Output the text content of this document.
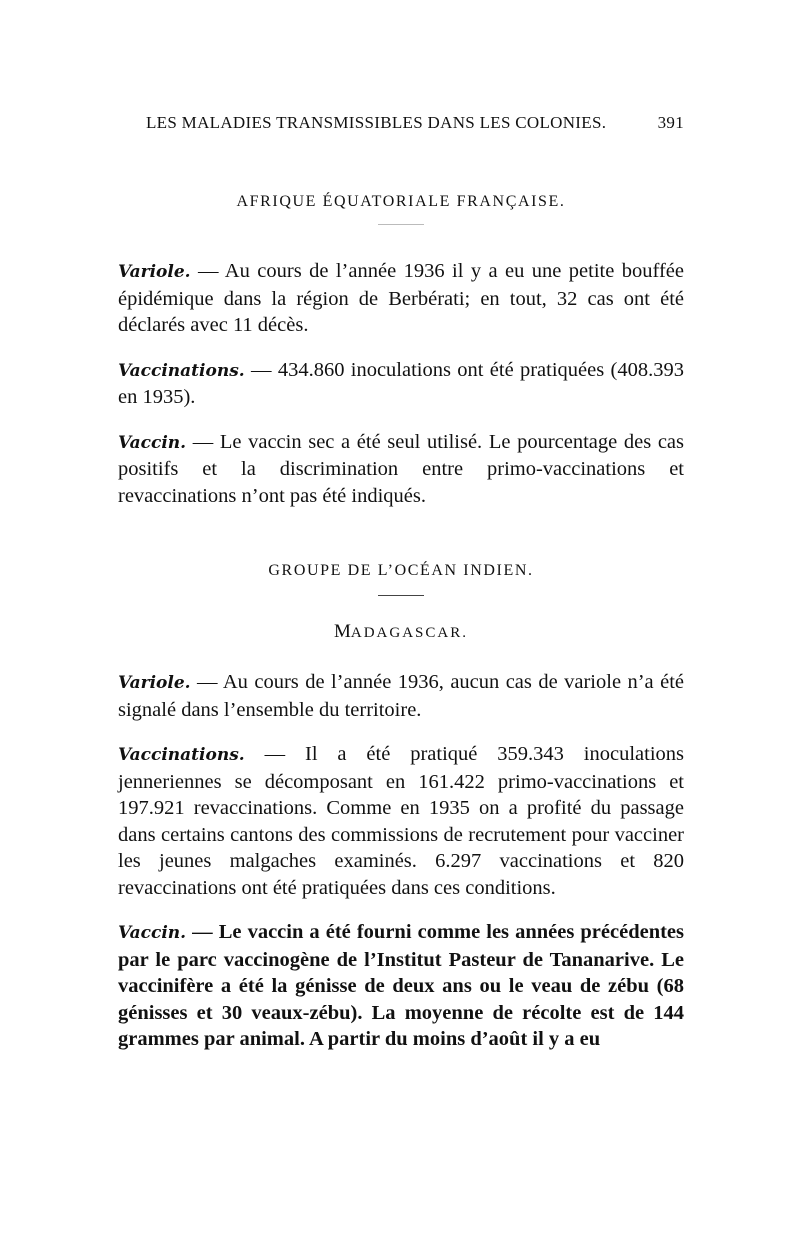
LES MALADIES TRANSMISSIBLES DANS LES COLONIES.	391
AFRIQUE ÉQUATORIALE FRANÇAISE.

Variole. — Au cours de l’année 1936 il y a eu une petite bouffée épidémique dans la région de Berbérati; en tout, 32 cas ont été déclarés avec 11 décès.

Vaccinations. — 434.860 inoculations ont été pratiquées (408.393 en 1935).

Vaccin. — Le vaccin sec a été seul utilisé. Le pourcentage des cas positifs et la discrimination entre primo-vaccinations et revaccinations n’ont pas été indiqués.

GROUPE DE L’OCÉAN INDIEN.
MADAGASCAR.

Variole. — Au cours de l’année 1936, aucun cas de variole n’a été signalé dans l’ensemble du territoire.

Vaccinations. — Il a été pratiqué 359.343 inoculations jenneriennes se décomposant en 161.422 primo-vaccinations et 197.921 revaccinations. Comme en 1935 on a profité du passage dans certains cantons des commissions de recrutement pour vacciner les jeunes malgaches examinés. 6.297 vaccinations et 820 revaccinations ont été pratiquées dans ces conditions.

Vaccin. — Le vaccin a été fourni comme les années précédentes par le parc vaccinogène de l’Institut Pasteur de Tananarive. Le vaccinifère a été la génisse de deux ans ou le veau de zébu (68 génisses et 30 veaux-zébu). La moyenne de récolte est de 144 grammes par animal. A partir du moins d’août il y a eu
